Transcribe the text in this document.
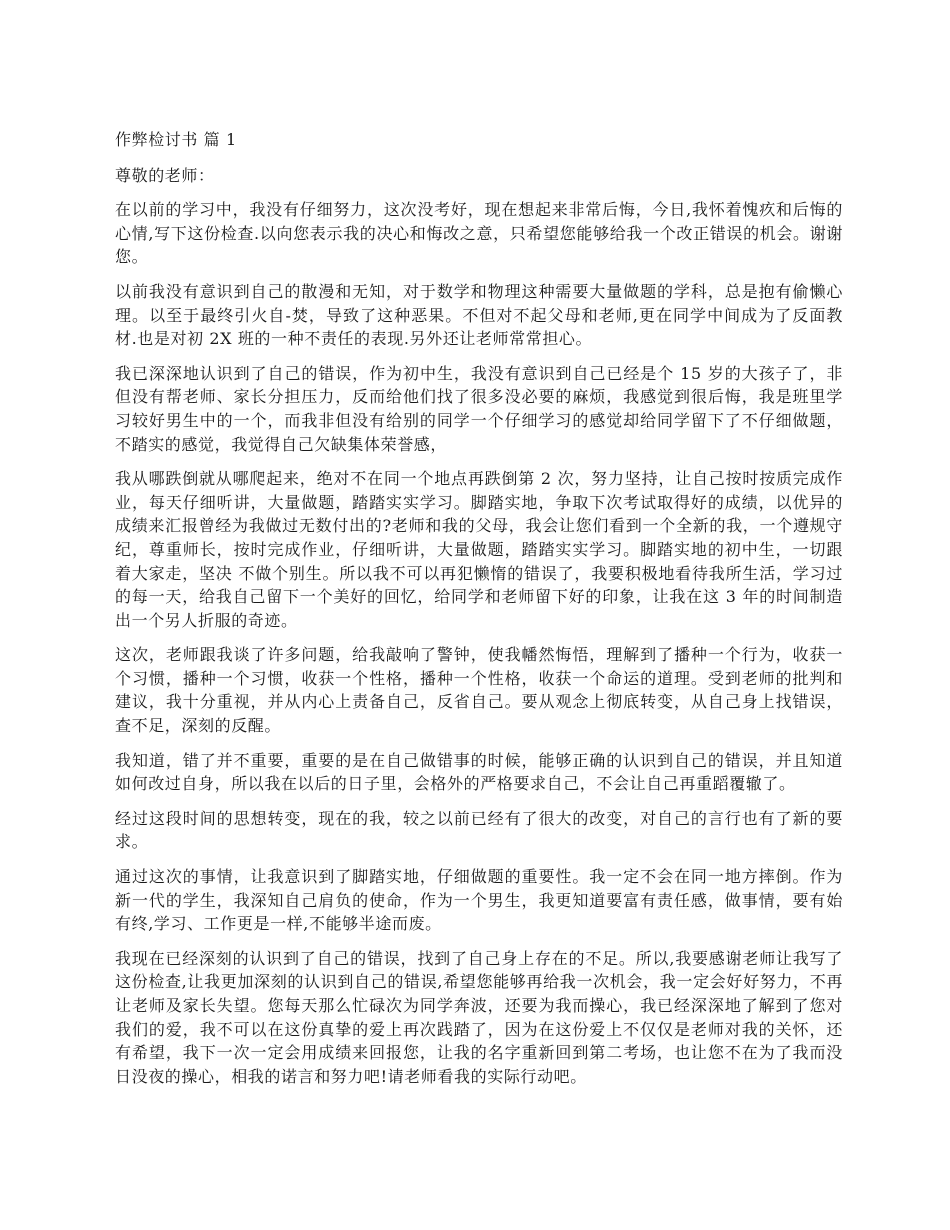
作弊检讨书 篇 1
尊敬的老师：

在以前的学习中，我没有仔细努力，这次没考好，现在想起来非常后悔，今日,我怀着愧疚和后悔的心情,写下这份检查.以向您表示我的决心和悔改之意，只希望您能够给我一个改正错误的机会。谢谢您。

以前我没有意识到自己的散漫和无知，对于数学和物理这种需要大量做题的学科，总是抱有偷懒心理。以至于最终引火自-焚，导致了这种恶果。不但对不起父母和老师,更在同学中间成为了反面教材.也是对初 2X 班的一种不责任的表现.另外还让老师常常担心。

我已深深地认识到了自己的错误，作为初中生，我没有意识到自己已经是个 15 岁的大孩子了，非但没有帮老师、家长分担压力，反而给他们找了很多没必要的麻烦，我感觉到很后悔，我是班里学习较好男生中的一个，而我非但没有给别的同学一个仔细学习的感觉却给同学留下了不仔细做题，不踏实的感觉，我觉得自己欠缺集体荣誉感，

我从哪跌倒就从哪爬起来，绝对不在同一个地点再跌倒第 2 次，努力坚持，让自己按时按质完成作业，每天仔细听讲，大量做题，踏踏实实学习。脚踏实地，争取下次考试取得好的成绩，以优异的成绩来汇报曾经为我做过无数付出的?老师和我的父母，我会让您们看到一个全新的我，一个遵规守纪，尊重师长，按时完成作业，仔细听讲，大量做题，踏踏实实学习。脚踏实地的初中生，一切跟着大家走，坚决 不做个别生。所以我不可以再犯懒惰的错误了，我要积极地看待我所生活，学习过的每一天，给我自己留下一个美好的回忆，给同学和老师留下好的印象，让我在这 3 年的时间制造出一个另人折服的奇迹。

这次，老师跟我谈了许多问题，给我敲响了警钟，使我幡然悔悟，理解到了播种一个行为，收获一个习惯，播种一个习惯，收获一个性格，播种一个性格，收获一个命运的道理。受到老师的批判和建议，我十分重视，并从内心上责备自己，反省自己。要从观念上彻底转变，从自己身上找错误，查不足，深刻的反醒。

我知道，错了并不重要，重要的是在自己做错事的时候，能够正确的认识到自己的错误，并且知道如何改过自身，所以我在以后的日子里，会格外的严格要求自己，不会让自己再重蹈覆辙了。

经过这段时间的思想转变，现在的我，较之以前已经有了很大的改变，对自己的言行也有了新的要求。

通过这次的事情，让我意识到了脚踏实地，仔细做题的重要性。我一定不会在同一地方摔倒。作为新一代的学生，我深知自己肩负的使命，作为一个男生，我更知道要富有责任感，做事情，要有始有终,学习、工作更是一样,不能够半途而废。

我现在已经深刻的认识到了自己的错误，找到了自己身上存在的不足。所以,我要感谢老师让我写了这份检查,让我更加深刻的认识到自己的错误,希望您能够再给我一次机会，我一定会好好努力，不再让老师及家长失望。您每天那么忙碌次为同学奔波，还要为我而操心，我已经深深地了解到了您对我们的爱，我不可以在这份真挚的爱上再次践踏了，因为在这份爱上不仅仅是老师对我的关怀，还有希望，我下一次一定会用成绩来回报您，让我的名字重新回到第二考场，也让您不在为了我而没日没夜的操心，相我的诺言和努力吧!请老师看我的实际行动吧。
